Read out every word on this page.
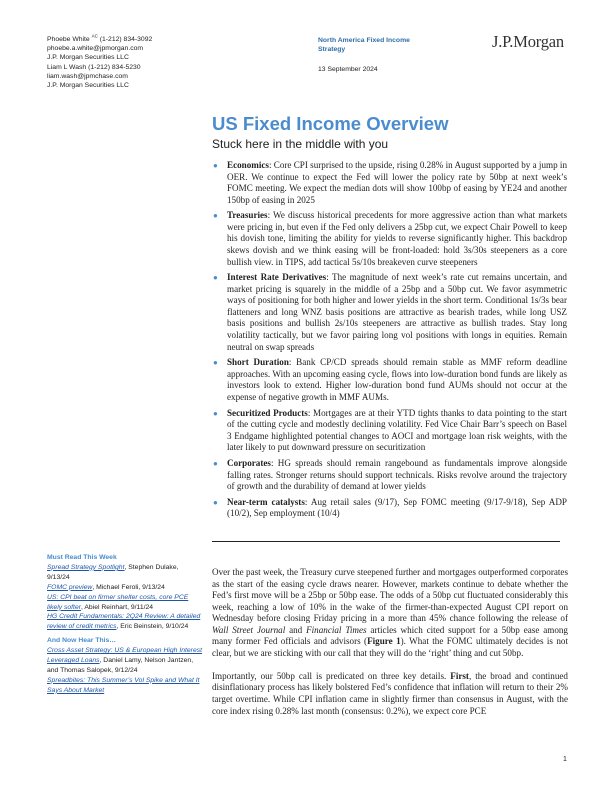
Phoebe White $^{AC}$ (1-212) 834-3092
phoebe.a.white@jpmorgan.com
J.P. Morgan Securities LLC
Liam L Wash (1-212) 834-5230
liam.wash@jpmchase.com
J.P. Morgan Securities LLC
North America Fixed Income
Strategy
13 September 2024
J.P.Morgan
US Fixed Income Overview
Stuck here in the middle with you
● Economics: Core CPI surprised to the upside, rising 0.28% in August supported by a jump in OER. We continue to expect the Fed will lower the policy rate by 50bp at next week’s FOMC meeting. We expect the median dots will show 100bp of easing by YE24 and another 150bp of easing in 2025
● Treasuries: We discuss historical precedents for more aggressive action than what markets were pricing in, but even if the Fed only delivers a 25bp cut, we expect Chair Powell to keep his dovish tone, limiting the ability for yields to reverse significantly higher. This backdrop skews dovish and we think easing will be front-loaded: hold 3s/30s steepeners as a core bullish view. in TIPS, add tactical 5s/10s breakeven curve steepeners
● Interest Rate Derivatives: The magnitude of next week’s rate cut remains uncertain, and market pricing is squarely in the middle of a 25bp and a 50bp cut. We favor asymmetric ways of positioning for both higher and lower yields in the short term. Conditional 1s/3s bear flatteners and long WNZ basis positions are attractive as bearish trades, while long USZ basis positions and bullish 2s/10s steepeners are attractive as bullish trades. Stay long volatility tactically, but we favor pairing long vol positions with longs in equities. Remain neutral on swap spreads
● Short Duration: Bank CP/CD spreads should remain stable as MMF reform deadline approaches. With an upcoming easing cycle, flows into low-duration bond funds are likely as investors look to extend. Higher low-duration bond fund AUMs should not occur at the expense of negative growth in MMF AUMs.
● Securitized Products: Mortgages are at their YTD tights thanks to data pointing to the start of the cutting cycle and modestly declining volatility. Fed Vice Chair Barr’s speech on Basel 3 Endgame highlighted potential changes to AOCI and mortgage loan risk weights, with the later likely to put downward pressure on securitization
● Corporates: HG spreads should remain rangebound as fundamentals improve alongside falling rates. Stronger returns should support technicals. Risks revolve around the trajectory of growth and the durability of demand at lower yields
● Near-term catalysts: Aug retail sales (9/17), Sep FOMC meeting (9/17-9/18), Sep ADP (10/2), Sep employment (10/4)
Must Read This Week
Spread Strategy Spotlight, Stephen Dulake, 9/13/24
FOMC preview, Michael Feroli, 9/13/24
US: CPI beat on firmer shelter costs, core PCE likely softer, Abiel Reinhart, 9/11/24
HG Credit Fundamentals: 2Q24 Review: A detailed review of credit metrics, Eric Beinstein, 9/10/24
And Now Hear This…
Cross Asset Strategy: US & European High Interest Leveraged Loans, Daniel Lamy, Nelson Jantzen, and Thomas Salopek, 9/12/24
Spreadbites: This Summer’s Vol Spike and What It Says About Market

Over the past week, the Treasury curve steepened further and mortgages outperformed corporates as the start of the easing cycle draws nearer. However, markets continue to debate whether the Fed’s first move will be a 25bp or 50bp ease. The odds of a 50bp cut fluctuated considerably this week, reaching a low of 10% in the wake of the firmer-than-expected August CPI report on Wednesday before closing Friday pricing in a more than 45% chance following the release of Wall Street Journal and Financial Times articles which cited support for a 50bp ease among many former Fed officials and advisors (Figure 1). What the FOMC ultimately decides is not clear, but we are sticking with our call that they will do the ‘right’ thing and cut 50bp.

Importantly, our 50bp call is predicated on three key details. First, the broad and continued disinflationary process has likely bolstered Fed’s confidence that inflation will return to their 2% target overtime. While CPI inflation came in slightly firmer than consensus in August, with the core index rising 0.28% last month (consensus: 0.2%), we expect core PCE

1
